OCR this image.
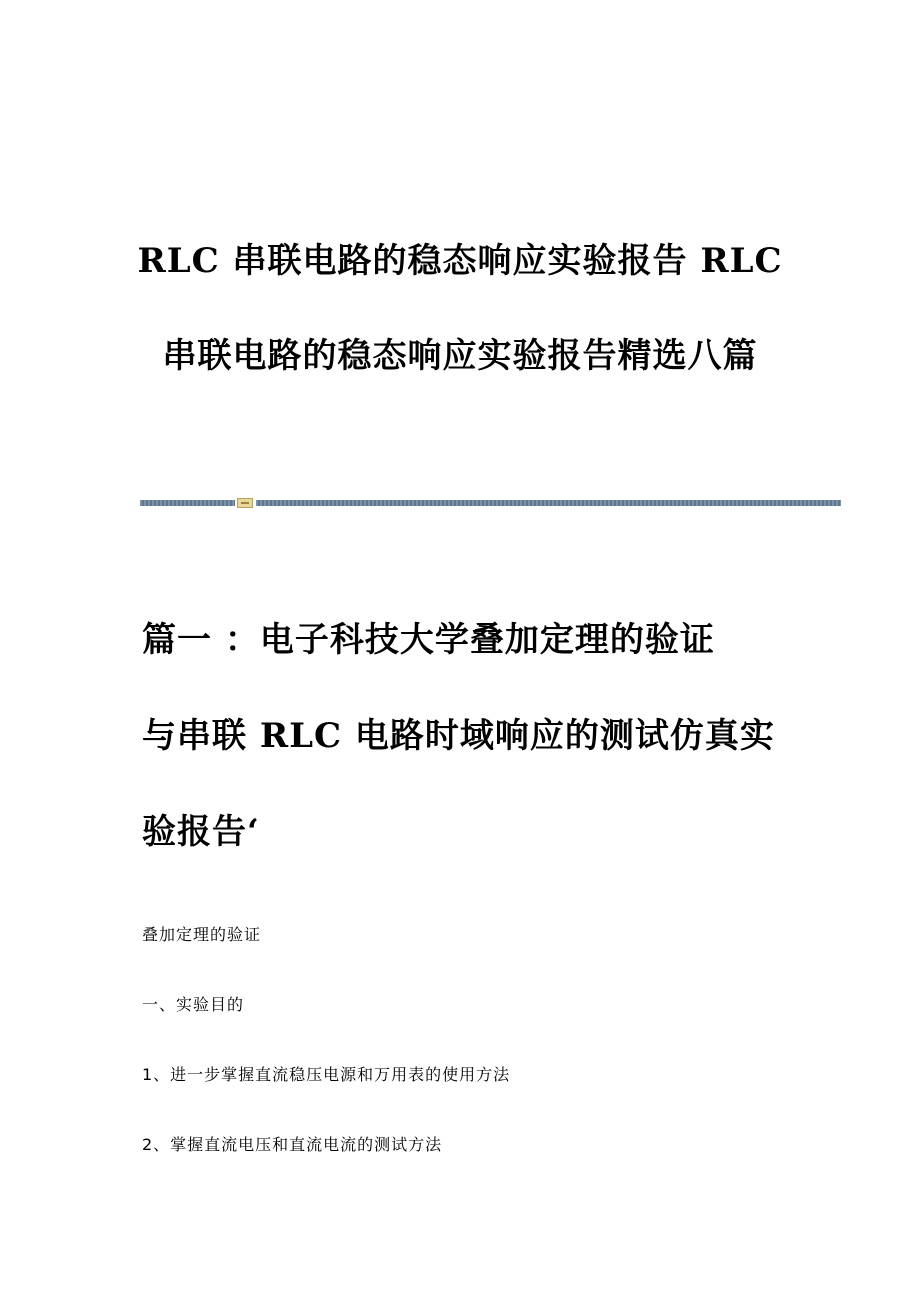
RLC 串联电路的稳态响应实验报告 RLC
串联电路的稳态响应实验报告精选八篇
篇一 ：电子科技大学叠加定理的验证
与串联 RLC 电路时域响应的测试仿真实
验报告‘
叠加定理的验证
一、实验目的
1、进一步掌握直流稳压电源和万用表的使用方法
2、掌握直流电压和直流电流的测试方法
